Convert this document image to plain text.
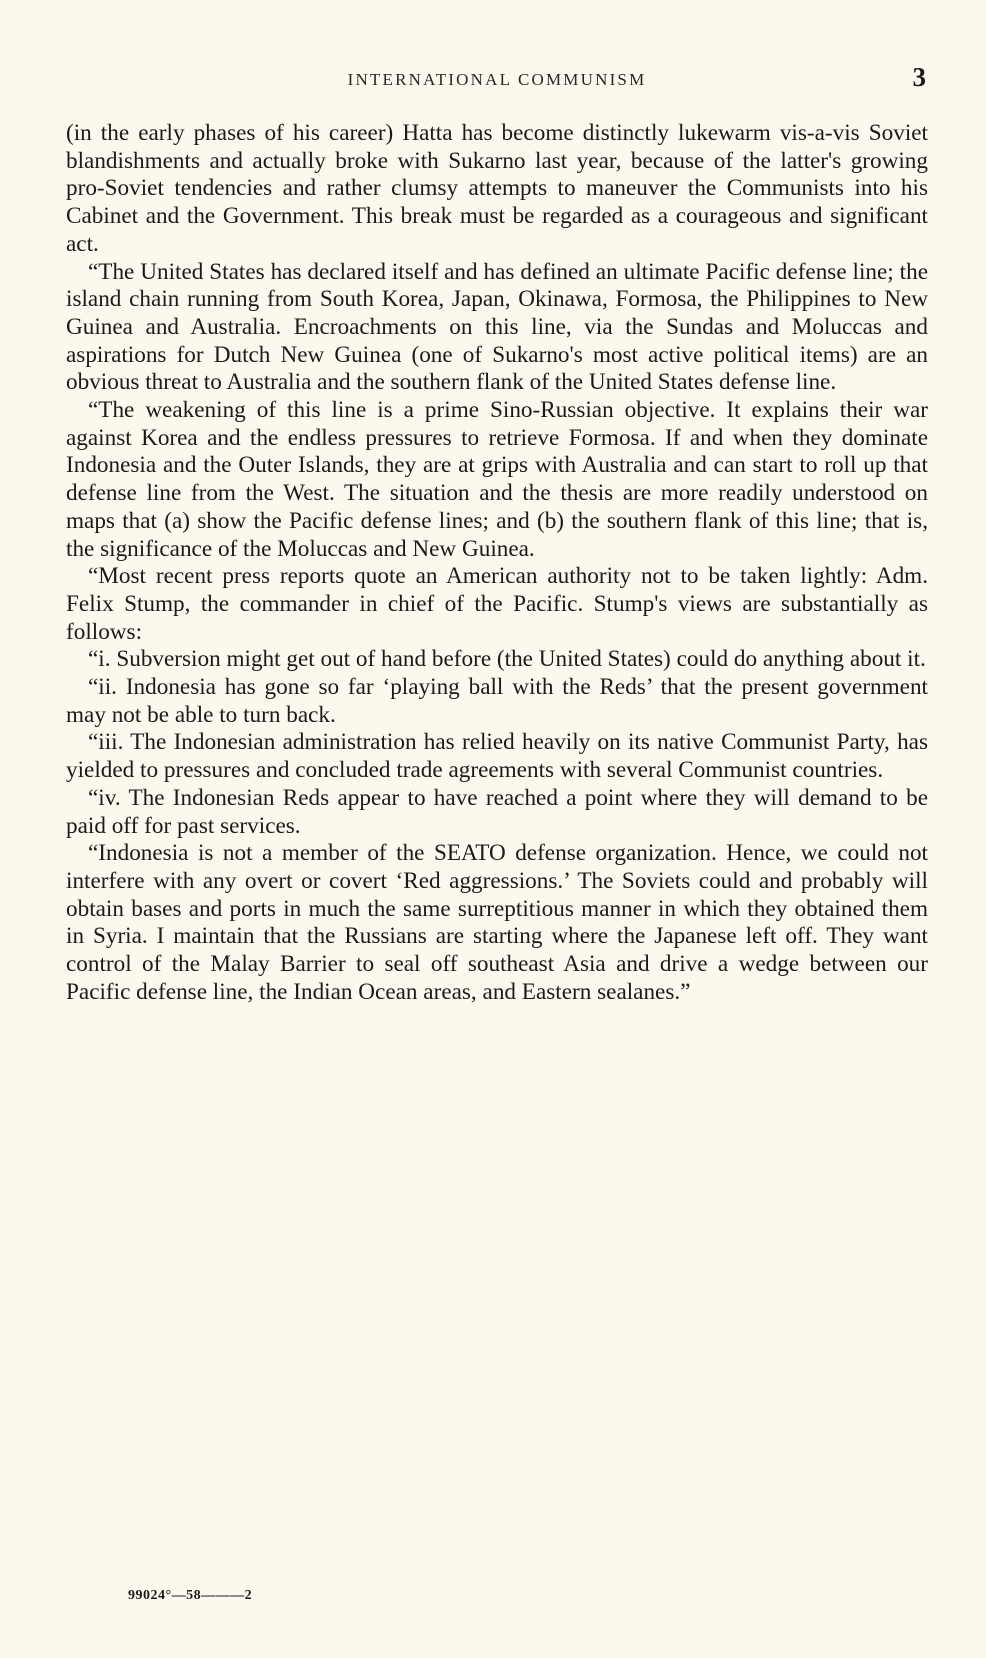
INTERNATIONAL COMMUNISM	3

(in the early phases of his career) Hatta has become distinctly lukewarm vis-a-vis Soviet blandishments and actually broke with Sukarno last year, because of the latter's growing pro-Soviet tendencies and rather clumsy attempts to maneuver the Communists into his Cabinet and the Government. This break must be regarded as a courageous and significant act.

“The United States has declared itself and has defined an ultimate Pacific defense line; the island chain running from South Korea, Japan, Okinawa, Formosa, the Philippines to New Guinea and Australia. Encroachments on this line, via the Sundas and Moluccas and aspirations for Dutch New Guinea (one of Sukarno's most active political items) are an obvious threat to Australia and the southern flank of the United States defense line.

“The weakening of this line is a prime Sino-Russian objective. It explains their war against Korea and the endless pressures to retrieve Formosa. If and when they dominate Indonesia and the Outer Islands, they are at grips with Australia and can start to roll up that defense line from the West. The situation and the thesis are more readily understood on maps that (a) show the Pacific defense lines; and (b) the southern flank of this line; that is, the significance of the Moluccas and New Guinea.

“Most recent press reports quote an American authority not to be taken lightly: Adm. Felix Stump, the commander in chief of the Pacific. Stump's views are substantially as follows:

“i. Subversion might get out of hand before (the United States) could do anything about it.

“ii. Indonesia has gone so far ‘playing ball with the Reds’ that the present government may not be able to turn back.

“iii. The Indonesian administration has relied heavily on its native Communist Party, has yielded to pressures and concluded trade agreements with several Communist countries.

“iv. The Indonesian Reds appear to have reached a point where they will demand to be paid off for past services.

“Indonesia is not a member of the SEATO defense organization. Hence, we could not interfere with any overt or covert ‘Red aggressions.’ The Soviets could and probably will obtain bases and ports in much the same surreptitious manner in which they obtained them in Syria. I maintain that the Russians are starting where the Japanese left off. They want control of the Malay Barrier to seal off southeast Asia and drive a wedge between our Pacific defense line, the Indian Ocean areas, and Eastern sealanes.”

99024°—58———2
